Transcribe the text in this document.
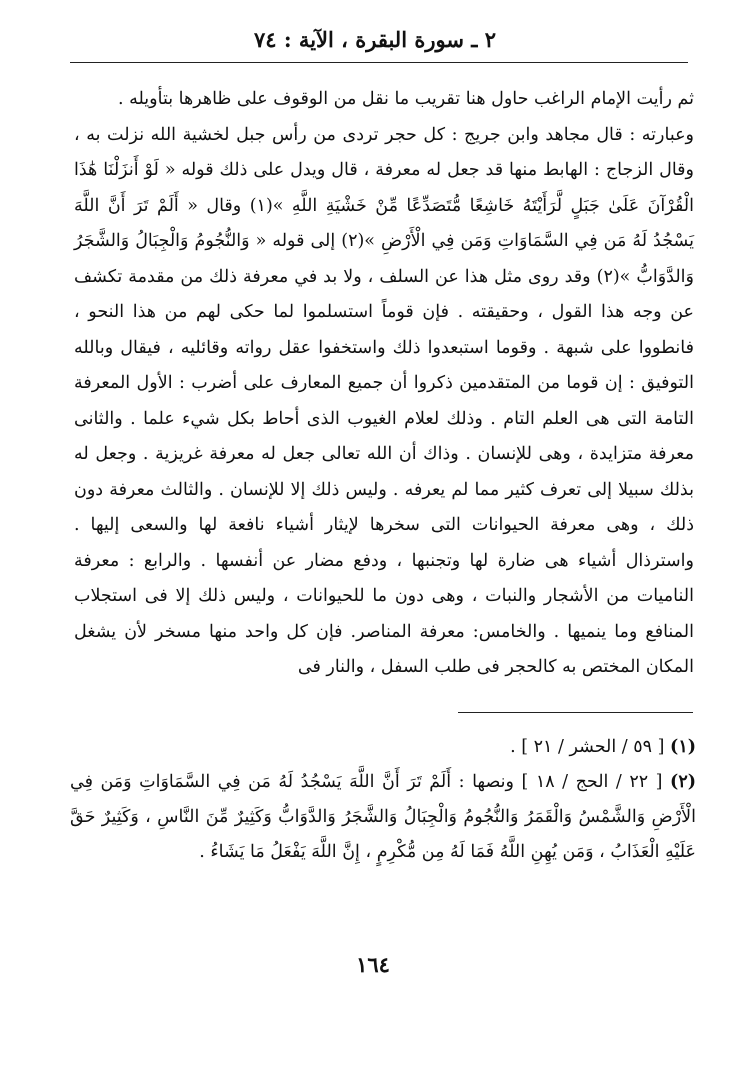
٢ ـ سورة البقرة ، الآية : ٧٤

ثم رأيت الإمام الراغب حاول هنا تقريب ما نقل من الوقوف على ظاهرها بتأويله .

وعبارته : قال مجاهد وابن جريج : كل حجر تردى من رأس جبل لخشية الله نزلت به ، وقال الزجاج : الهابط منها قد جعل له معرفة ، قال ويدل على ذلك قوله « لَوْ أَنزَلْنَا هَٰذَا الْقُرْآنَ عَلَىٰ جَبَلٍ لَّرَأَيْتَهُ خَاشِعًا مُّتَصَدِّعًا مِّنْ خَشْيَةِ اللَّهِ »(١) وقال « أَلَمْ تَرَ أَنَّ اللَّهَ يَسْجُدُ لَهُ مَن فِي السَّمَاوَاتِ وَمَن فِي الْأَرْضِ »(٢) إلى قوله « وَالنُّجُومُ وَالْجِبَالُ وَالشَّجَرُ وَالدَّوَابُّ »(٢) وقد روى مثل هذا عن السلف ، ولا بد في معرفة ذلك من مقدمة تكشف عن وجه هذا القول ، وحقيقته . فإن قوماً استسلموا لما حكى لهم من هذا النحو ، فانطووا على شبهة . وقوما استبعدوا ذلك واستخفوا عقل رواته وقائليه ، فيقال وبالله التوفيق : إن قوما من المتقدمين ذكروا أن جميع المعارف على أضرب : الأول المعرفة التامة التى هى العلم التام . وذلك لعلام الغيوب الذى أحاط بكل شيء علما . والثانى معرفة متزايدة ، وهى للإنسان . وذاك أن الله تعالى جعل له معرفة غريزية . وجعل له بذلك سبيلا إلى تعرف كثير مما لم يعرفه . وليس ذلك إلا للإنسان . والثالث معرفة دون ذلك ، وهى معرفة الحيوانات التى سخرها لإيثار أشياء نافعة لها والسعى إليها . واسترذال أشياء هى ضارة لها وتجنبها ، ودفع مضار عن أنفسها . والرابع : معرفة الناميات من الأشجار والنبات ، وهى دون ما للحيوانات ، وليس ذلك إلا فى استجلاب المنافع وما ينميها . والخامس: معرفة المناصر. فإن كل واحد منها مسخر لأن يشغل المكان المختص به كالحجر فى طلب السفل ، والنار فى

(١) [ ٥٩ / الحشر / ٢١ ] .

(٢) [ ٢٢ / الحج / ١٨ ] ونصها : أَلَمْ تَرَ أَنَّ اللَّهَ يَسْجُدُ لَهُ مَن فِي السَّمَاوَاتِ وَمَن فِي الْأَرْضِ وَالشَّمْسُ وَالْقَمَرُ وَالنُّجُومُ وَالْجِبَالُ وَالشَّجَرُ وَالدَّوَابُّ وَكَثِيرٌ مِّنَ النَّاسِ ، وَكَثِيرٌ حَقَّ عَلَيْهِ الْعَذَابُ ، وَمَن يُهِنِ اللَّهُ فَمَا لَهُ مِن مُّكْرِمٍ ، إِنَّ اللَّهَ يَفْعَلُ مَا يَشَاءُ .

١٦٤
